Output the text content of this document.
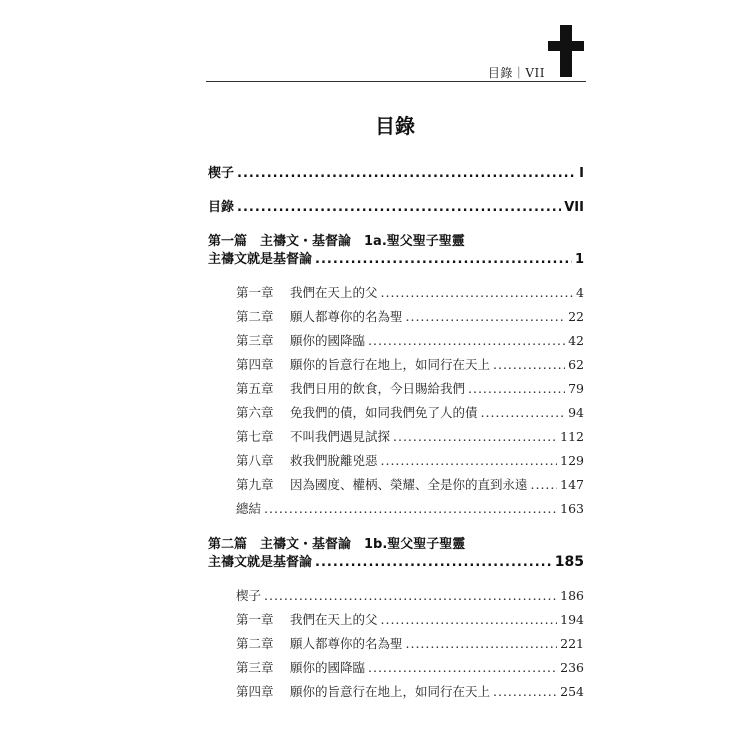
目錄｜VII
目錄
楔子 .....	I
目錄 .....	VII
第一篇　主禱文・基督論　1a.聖父聖子聖靈
主禱文就是基督論 .....	1
第一章	我們在天上的父 .....	4
第二章	願人都尊你的名為聖 .....	22
第三章	願你的國降臨 .....	42
第四章	願你的旨意行在地上，如同行在天上 .....	62
第五章	我們日用的飲食，今日賜給我們 .....	79
第六章	免我們的債，如同我們免了人的債 .....	94
第七章	不叫我們遇見試探 .....	112
第八章	救我們脫離兇惡 .....	129
第九章	因為國度、權柄、榮耀、全是你的直到永遠 .....	147
總結 .....	163
第二篇　主禱文・基督論　1b.聖父聖子聖靈
主禱文就是基督論 .....	185
楔子 .....	186
第一章	我們在天上的父 .....	194
第二章	願人都尊你的名為聖 .....	221
第三章	願你的國降臨 .....	236
第四章	願你的旨意行在地上，如同行在天上 .....	254
